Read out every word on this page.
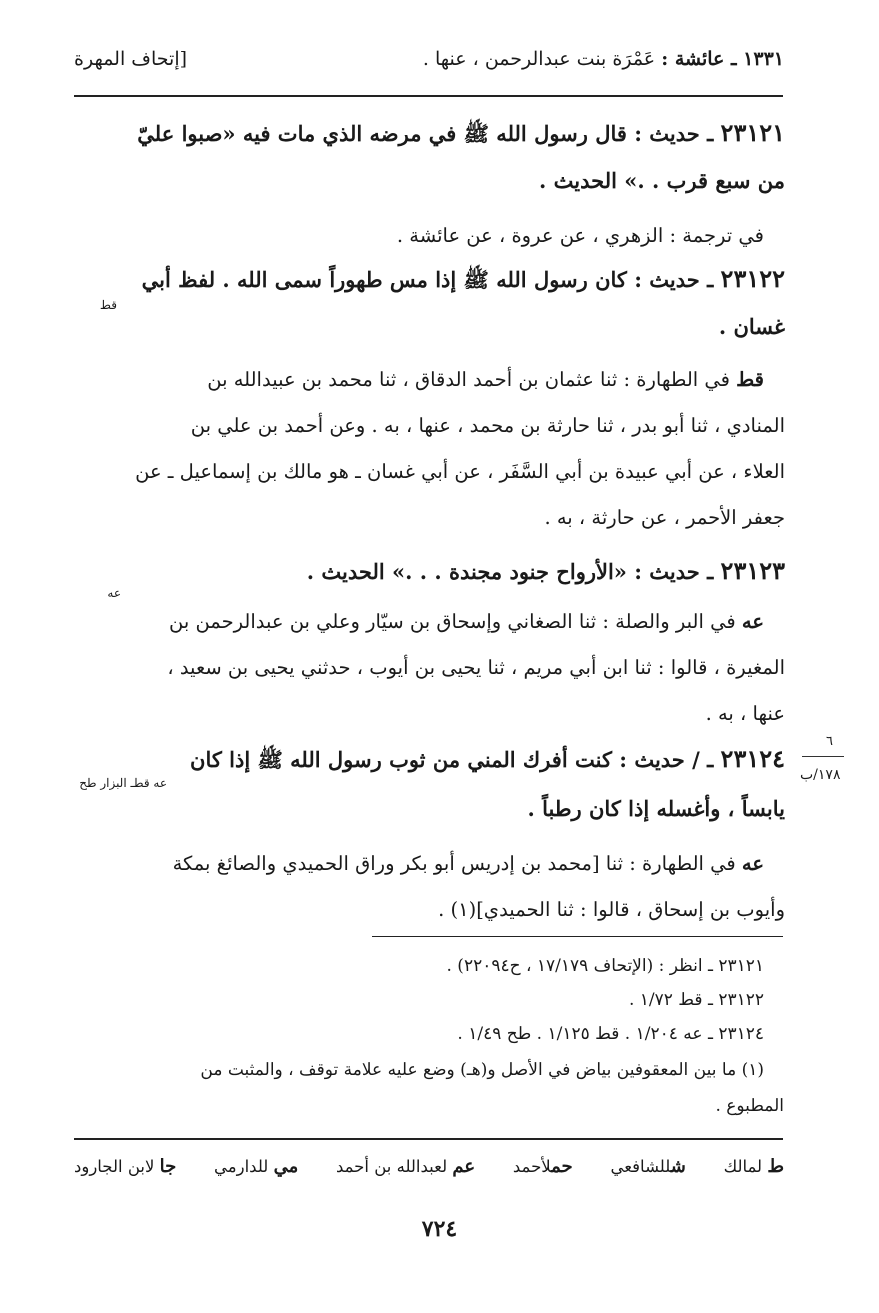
١٣٣١ ـ عائشة : عَمْرَة بنت عبدالرحمن ، عنها .
[إتحاف المهرة
٢٣١٢١ ـ حديث : قال رسول الله ﷺ في مرضه الذي مات فيه «صبوا عليّ
من سبع قرب . .» الحديث .
في ترجمة : الزهري ، عن عروة ، عن عائشة .
٢٣١٢٢ ـ حديث : كان رسول الله ﷺ إذا مس طهوراً سمى الله . لفظ أبي
قط
غسان .
قط في الطهارة : ثنا عثمان بن أحمد الدقاق ، ثنا محمد بن عبيدالله بن
المنادي ، ثنا أبو بدر ، ثنا حارثة بن محمد ، عنها ، به . وعن أحمد بن علي بن
العلاء ، عن أبي عبيدة بن أبي السَّفَر ، عن أبي غسان ـ هو مالك بن إسماعيل ـ عن
جعفر الأحمر ، عن حارثة ، به .
٢٣١٢٣ ـ حديث : «الأرواح جنود مجندة . . .» الحديث .
عه
عه في البر والصلة : ثنا الصغاني وإسحاق بن سيّار وعلي بن عبدالرحمن بن
المغيرة ، قالوا : ثنا ابن أبي مريم ، ثنا يحيى بن أيوب ، حدثني يحيى بن سعيد ،
عنها ، به .
٦
١٧٨/ب
٢٣١٢٤ ـ / حديث : كنت أفرك المني من ثوب رسول الله ﷺ إذا كان
عه قطـ البزار طح
يابساً ، وأغسله إذا كان رطباً .
عه في الطهارة : ثنا [محمد بن إدريس أبو بكر وراق الحميدي والصائغ بمكة
وأيوب بن إسحاق ، قالوا : ثنا الحميدي](١) .
٢٣١٢١ ـ انظر : (الإتحاف ١٧/١٧٩ ، ح٢٢٠٩٤) .
٢٣١٢٢ ـ قط ١/٧٢ .
٢٣١٢٤ ـ عه ١/٢٠٤ . قط ١/١٢٥ . طح ١/٤٩ .
(١) ما بين المعقوفين بياض في الأصل و(هـ) وضع عليه علامة توقف ، والمثبت من
المطبوع .
ط لمالك
شللشافعي
حملأحمد
عم لعبدالله بن أحمد
مي للدارمي
جا لابن الجارود
٧٢٤
